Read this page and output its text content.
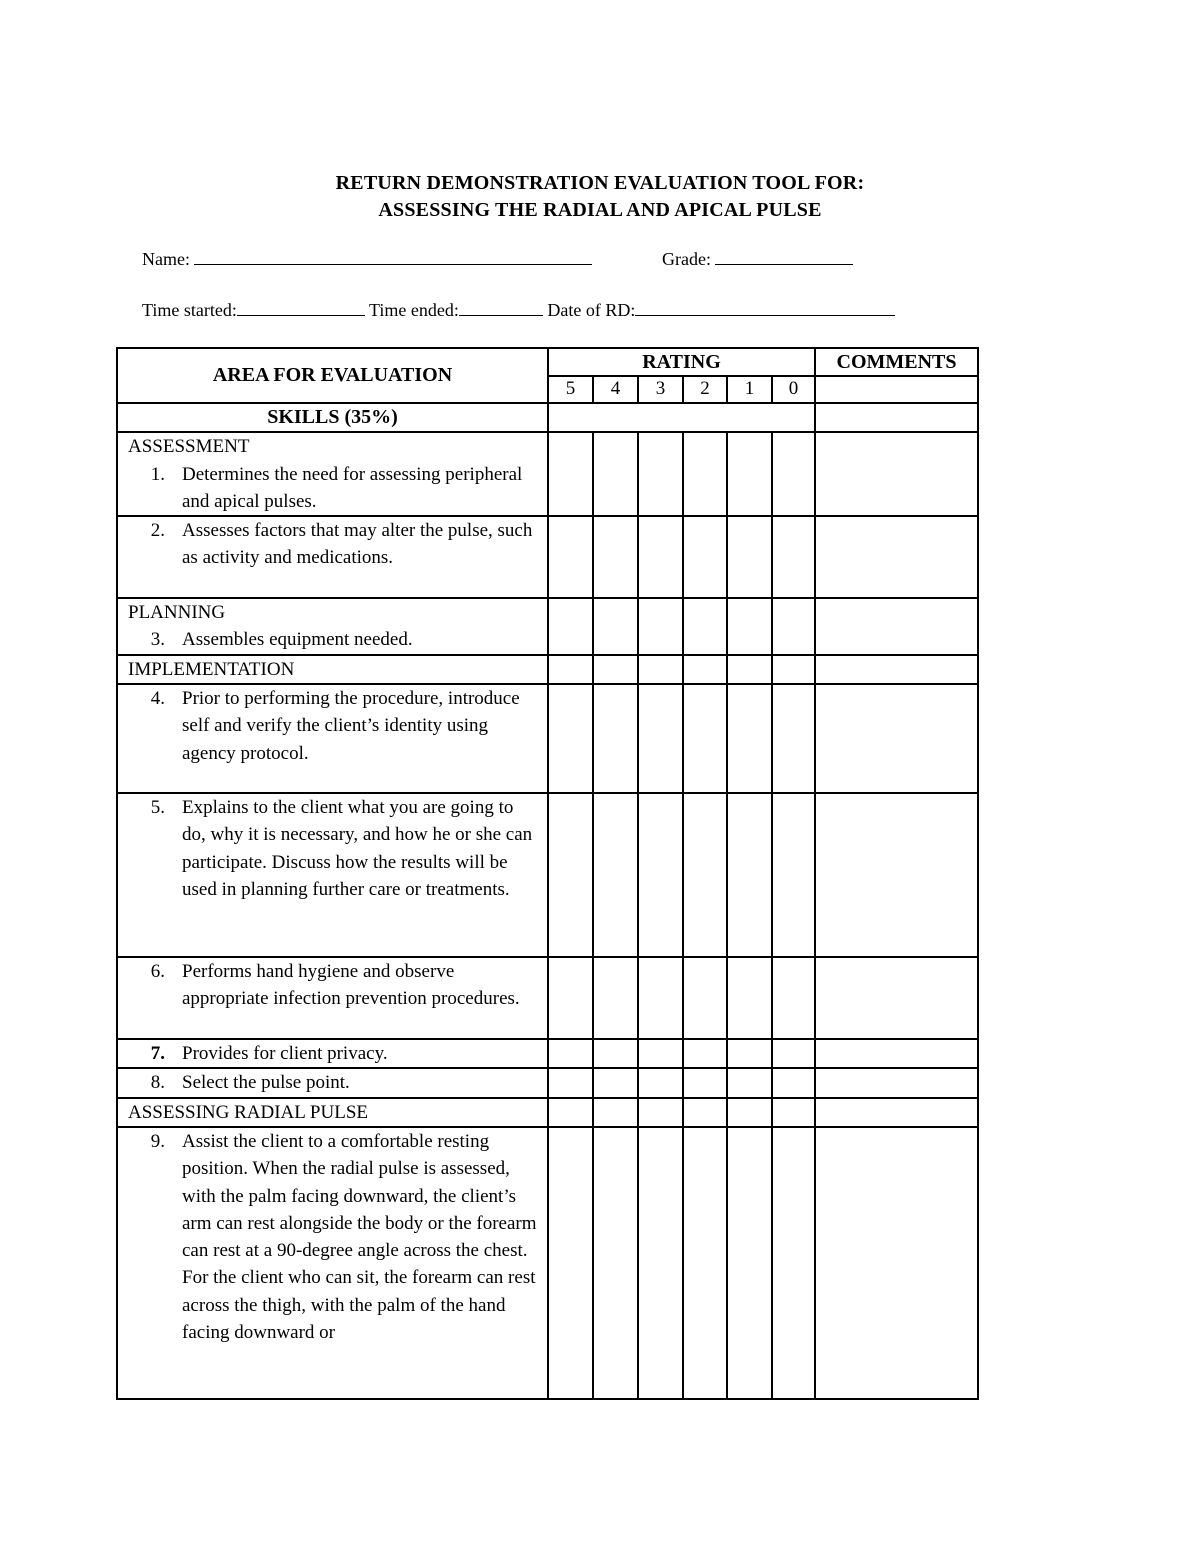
RETURN DEMONSTRATION EVALUATION TOOL FOR:
ASSESSING THE RADIAL AND APICAL PULSE
Name:	Grade:
Time started:	Time ended:	Date of RD:
AREA FOR EVALUATION	RATING						COMMENTS
	5	4	3	2	1	0	
SKILLS (35%)							

ASSESSMENT
1. Determines the need for assessing peripheral and apical pulses.							

2. Assesses factors that may alter the pulse, such as activity and medications.							

PLANNING
3. Assembles equipment needed.							

IMPLEMENTATION							

4. Prior to performing the procedure, introduce self and verify the client’s identity using agency protocol.							

5. Explains to the client what you are going to do, why it is necessary, and how he or she can participate. Discuss how the results will be used in planning further care or treatments.							

6. Performs hand hygiene and observe appropriate infection prevention procedures.							

7. Provides for client privacy.							

8. Select the pulse point.							

ASSESSING RADIAL PULSE							

9. Assist the client to a comfortable resting position. When the radial pulse is assessed, with the palm facing downward, the client’s arm can rest alongside the body or the forearm can rest at a 90-degree angle across the chest. For the client who can sit, the forearm can rest across the thigh, with the palm of the hand facing downward or							
